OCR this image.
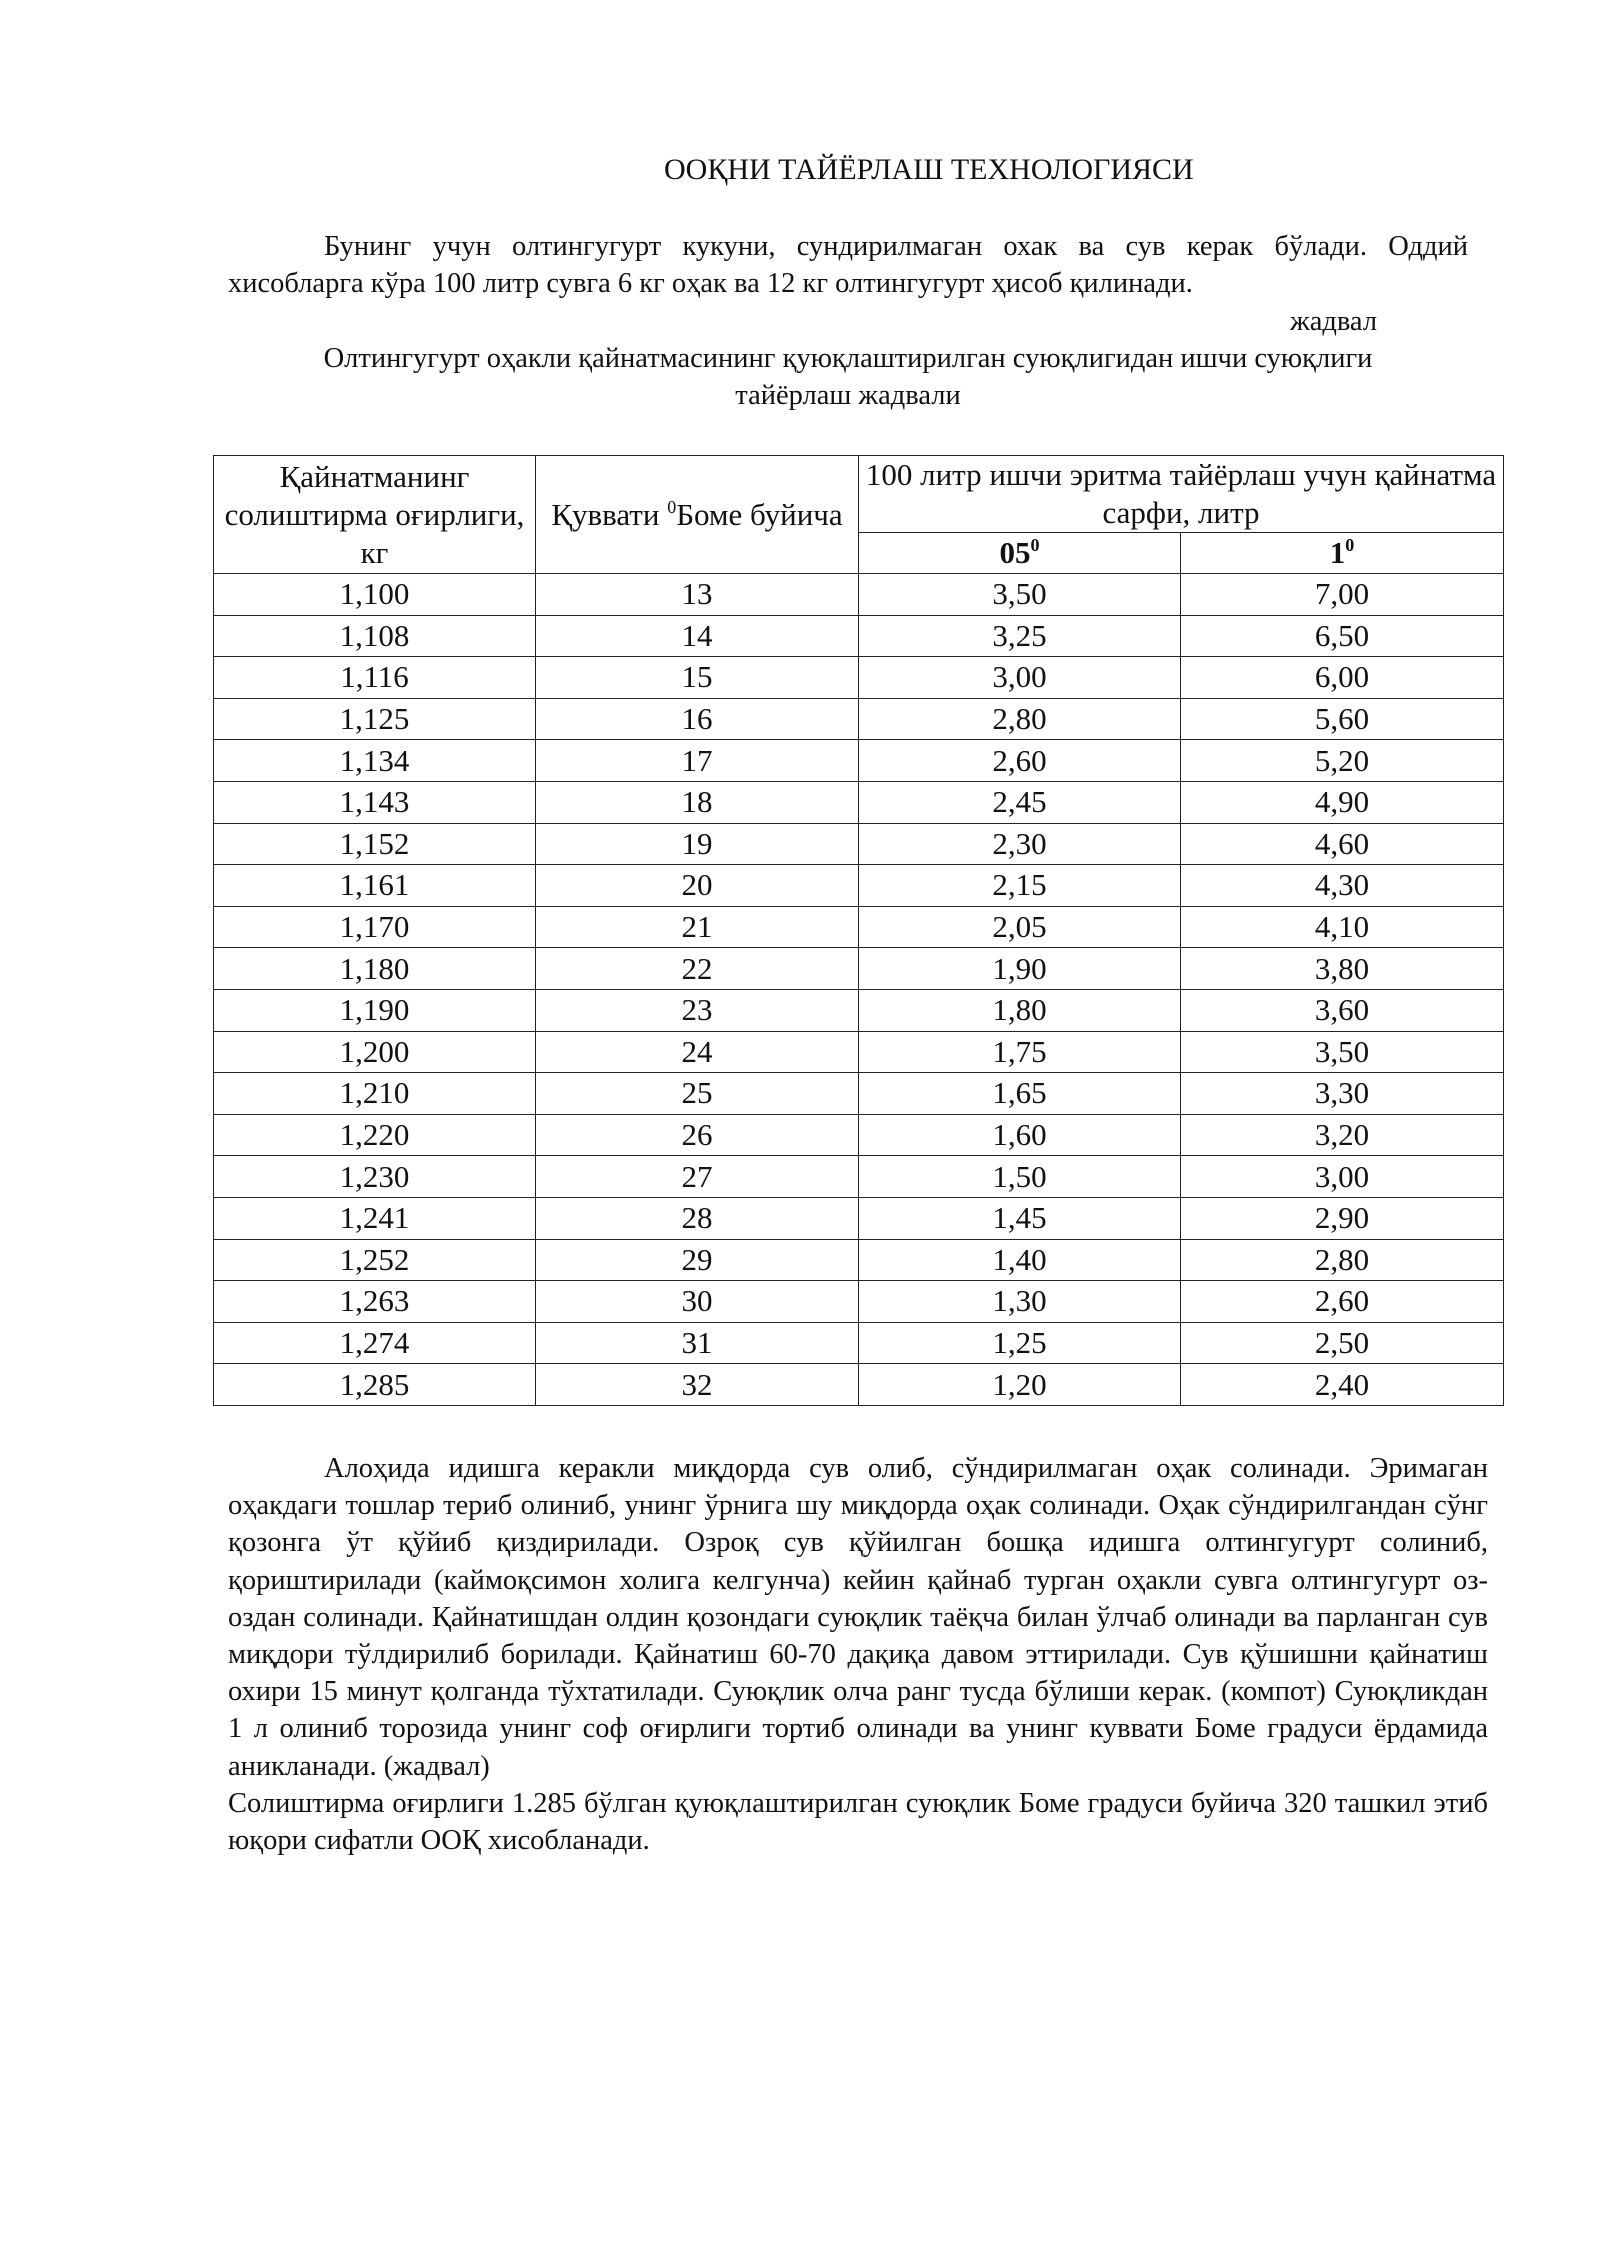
ООҚНИ ТАЙЁРЛАШ ТЕХНОЛОГИЯСИ
Бунинг учун олтингугурт кукуни, сундирилмаган охак ва сув керак бўлади. Оддий хисобларга кўра 100 литр сувга 6 кг оҳак ва 12 кг олтингугурт ҳисоб қилинади.
жадвал
Олтингугурт оҳакли қайнатмасининг қуюқлаштирилган суюқлигидан ишчи суюқлиги
тайёрлаш жадвали
Қайнатманинг солиштирма оғирлиги, кг	Қуввати $^0$Боме буйича	100 литр ишчи эритма тайёрлаш учун қайнатма сарфи, литр	
		$05^0$	$1^0$
1,100	13	3,50	7,00
1,108	14	3,25	6,50
1,116	15	3,00	6,00
1,125	16	2,80	5,60
1,134	17	2,60	5,20
1,143	18	2,45	4,90
1,152	19	2,30	4,60
1,161	20	2,15	4,30
1,170	21	2,05	4,10
1,180	22	1,90	3,80
1,190	23	1,80	3,60
1,200	24	1,75	3,50
1,210	25	1,65	3,30
1,220	26	1,60	3,20
1,230	27	1,50	3,00
1,241	28	1,45	2,90
1,252	29	1,40	2,80
1,263	30	1,30	2,60
1,274	31	1,25	2,50
1,285	32	1,20	2,40
Алоҳида идишга керакли миқдорда сув олиб, сўндирилмаган оҳак солинади. Эримаган оҳакдаги тошлар териб олиниб, унинг ўрнига шу миқдорда оҳак солинади. Оҳак сўндирилгандан сўнг қозонга ўт қўйиб қиздирилади. Озроқ сув қўйилган бошқа идишга олтингугурт солиниб, қориштирилади (каймоқсимон холига келгунча) кейин қайнаб турган оҳакли сувга олтингугурт оз-оздан солинади. Қайнатишдан олдин қозондаги суюқлик таёқча билан ўлчаб олинади ва парланган сув миқдори тўлдирилиб борилади. Қайнатиш 60-70 дақиқа давом эттирилади. Сув қўшишни қайнатиш охири 15 минут қолганда тўхтатилади. Суюқлик олча ранг тусда бўлиши керак. (компот) Суюқликдан 1 л олиниб торозида унинг соф оғирлиги тортиб олинади ва унинг куввати Боме градуси ёрдамида аникланади. (жадвал)
Солиштирма оғирлиги 1.285 бўлган қуюқлаштирилган суюқлик Боме градуси буйича 320 ташкил этиб юқори сифатли ООҚ хисобланади.
